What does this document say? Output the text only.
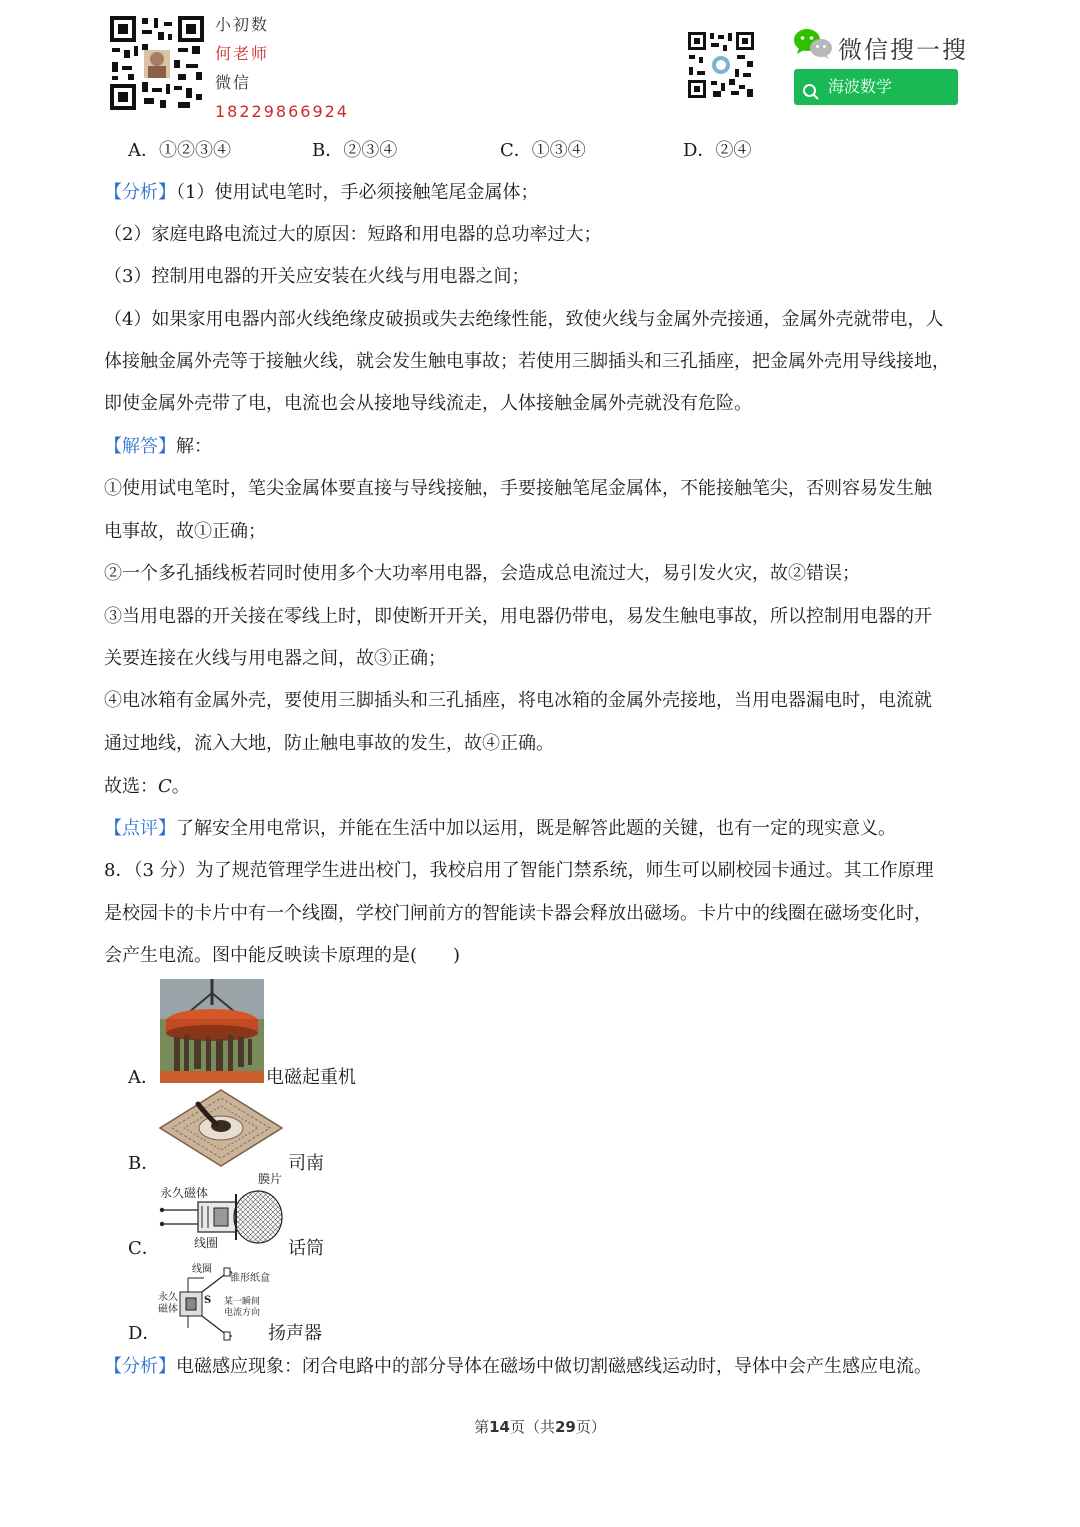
小初数
何老师
微信
18229866924
微信搜一搜
海波数学
A．①②③④	B．②③④	C．①③④	D．②④
【分析】（1）使用试电笔时，手必须接触笔尾金属体；
（2）家庭电路电流过大的原因：短路和用电器的总功率过大；
（3）控制用电器的开关应安装在火线与用电器之间；
（4）如果家用电器内部火线绝缘皮破损或失去绝缘性能，致使火线与金属外壳接通，金属外壳就带电，人
体接触金属外壳等于接触火线，就会发生触电事故；若使用三脚插头和三孔插座，把金属外壳用导线接地，
即使金属外壳带了电，电流也会从接地导线流走，人体接触金属外壳就没有危险。
【解答】解：
①使用试电笔时，笔尖金属体要直接与导线接触，手要接触笔尾金属体，不能接触笔尖，否则容易发生触
电事故，故①正确；
②一个多孔插线板若同时使用多个大功率用电器，会造成总电流过大，易引发火灾，故②错误；
③当用电器的开关接在零线上时，即使断开开关，用电器仍带电，易发生触电事故，所以控制用电器的开
关要连接在火线与用电器之间，故③正确；
④电冰箱有金属外壳，要使用三脚插头和三孔插座，将电冰箱的金属外壳接地，当用电器漏电时，电流就
通过地线，流入大地，防止触电事故的发生，故④正确。
故选：C。
【点评】了解安全用电常识，并能在生活中加以运用，既是解答此题的关键，也有一定的现实意义。
8．（3 分）为了规范管理学生进出校门，我校启用了智能门禁系统，师生可以刷校园卡通过。其工作原理
是校园卡的卡片中有一个线圈，学校门闸前方的智能读卡器会释放出磁场。卡片中的线圈在磁场变化时，
会产生电流。图中能反映读卡原理的是(　　)
A．	电磁起重机
B．	司南
C．
永久磁体
膜片
线圈	话筒
D．
线圈
锥形纸盒
永久磁体
S 某一瞬间电流方向
扬声器
【分析】电磁感应现象：闭合电路中的部分导体在磁场中做切割磁感线运动时，导体中会产生感应电流。
第14页（共29页）
